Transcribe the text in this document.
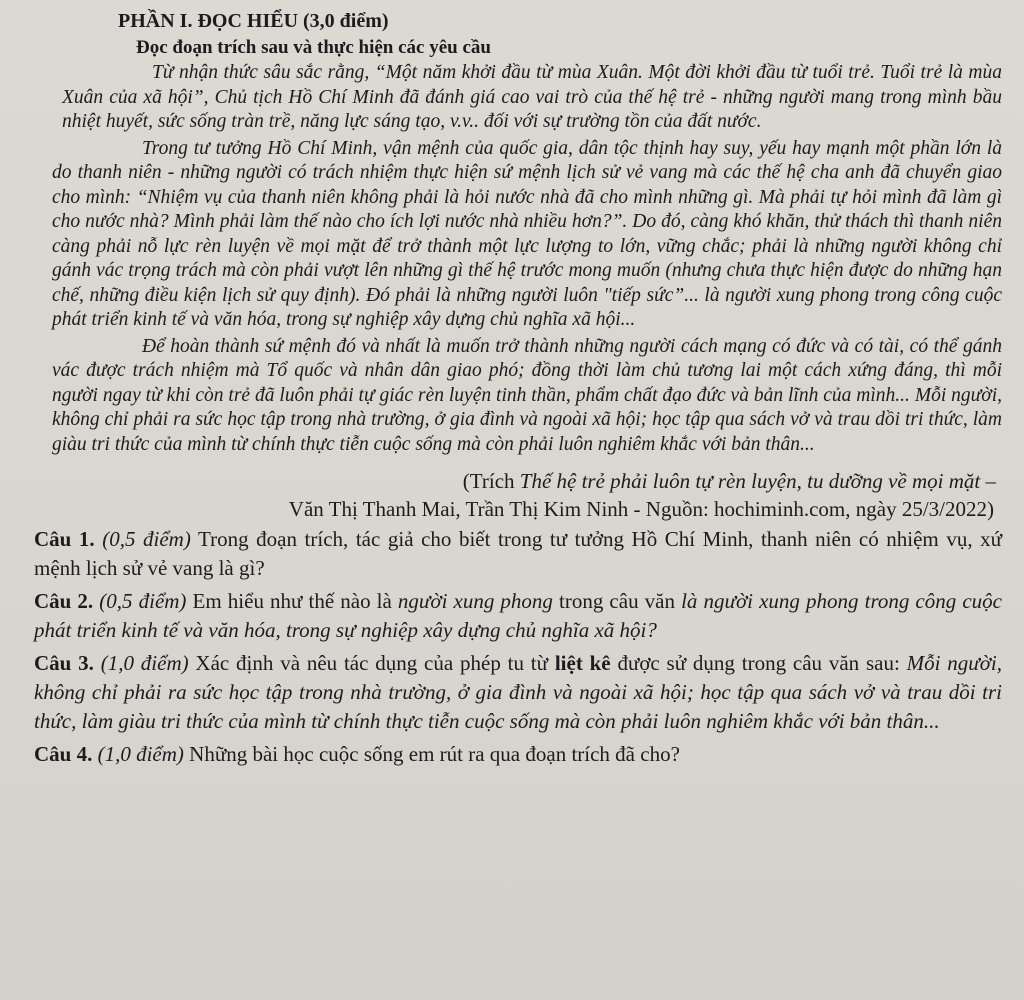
PHẦN I. ĐỌC HIỂU (3,0 điểm)
Đọc đoạn trích sau và thực hiện các yêu cầu

Từ nhận thức sâu sắc rằng, “Một năm khởi đầu từ mùa Xuân. Một đời khởi đầu từ tuổi trẻ. Tuổi trẻ là mùa Xuân của xã hội”, Chủ tịch Hồ Chí Minh đã đánh giá cao vai trò của thế hệ trẻ - những người mang trong mình bầu nhiệt huyết, sức sống tràn trề, năng lực sáng tạo, v.v.. đối với sự trường tồn của đất nước.

Trong tư tưởng Hồ Chí Minh, vận mệnh của quốc gia, dân tộc thịnh hay suy, yếu hay mạnh một phần lớn là do thanh niên - những người có trách nhiệm thực hiện sứ mệnh lịch sử vẻ vang mà các thế hệ cha anh đã chuyển giao cho mình: “Nhiệm vụ của thanh niên không phải là hỏi nước nhà đã cho mình những gì. Mà phải tự hỏi mình đã làm gì cho nước nhà? Mình phải làm thế nào cho ích lợi nước nhà nhiều hơn?”. Do đó, càng khó khăn, thử thách thì thanh niên càng phải nỗ lực rèn luyện về mọi mặt để trở thành một lực lượng to lớn, vững chắc; phải là những người không chỉ gánh vác trọng trách mà còn phải vượt lên những gì thế hệ trước mong muốn (nhưng chưa thực hiện được do những hạn chế, những điều kiện lịch sử quy định). Đó phải là những người luôn "tiếp sức”... là người xung phong trong công cuộc phát triển kinh tế và văn hóa, trong sự nghiệp xây dựng chủ nghĩa xã hội...

Để hoàn thành sứ mệnh đó và nhất là muốn trở thành những người cách mạng có đức và có tài, có thể gánh vác được trách nhiệm mà Tổ quốc và nhân dân giao phó; đồng thời làm chủ tương lai một cách xứng đáng, thì mỗi người ngay từ khi còn trẻ đã luôn phải tự giác rèn luyện tinh thần, phẩm chất đạo đức và bản lĩnh của mình... Mỗi người, không chỉ phải ra sức học tập trong nhà trường, ở gia đình và ngoài xã hội; học tập qua sách vở và trau dồi tri thức, làm giàu tri thức của mình từ chính thực tiễn cuộc sống mà còn phải luôn nghiêm khắc với bản thân...

(Trích Thế hệ trẻ phải luôn tự rèn luyện, tu dưỡng về mọi mặt –
Văn Thị Thanh Mai, Trần Thị Kim Ninh - Nguồn: hochiminh.com, ngày 25/3/2022)

Câu 1. (0,5 điểm) Trong đoạn trích, tác giả cho biết trong tư tưởng Hồ Chí Minh, thanh niên có nhiệm vụ, xứ mệnh lịch sử vẻ vang là gì?

Câu 2. (0,5 điểm) Em hiểu như thế nào là người xung phong trong câu văn là người xung phong trong công cuộc phát triển kinh tế và văn hóa, trong sự nghiệp xây dựng chủ nghĩa xã hội?

Câu 3. (1,0 điểm) Xác định và nêu tác dụng của phép tu từ liệt kê được sử dụng trong câu văn sau: Mỗi người, không chỉ phải ra sức học tập trong nhà trường, ở gia đình và ngoài xã hội; học tập qua sách vở và trau dồi tri thức, làm giàu tri thức của mình từ chính thực tiễn cuộc sống mà còn phải luôn nghiêm khắc với bản thân...

Câu 4. (1,0 điểm) Những bài học cuộc sống em rút ra qua đoạn trích đã cho?
